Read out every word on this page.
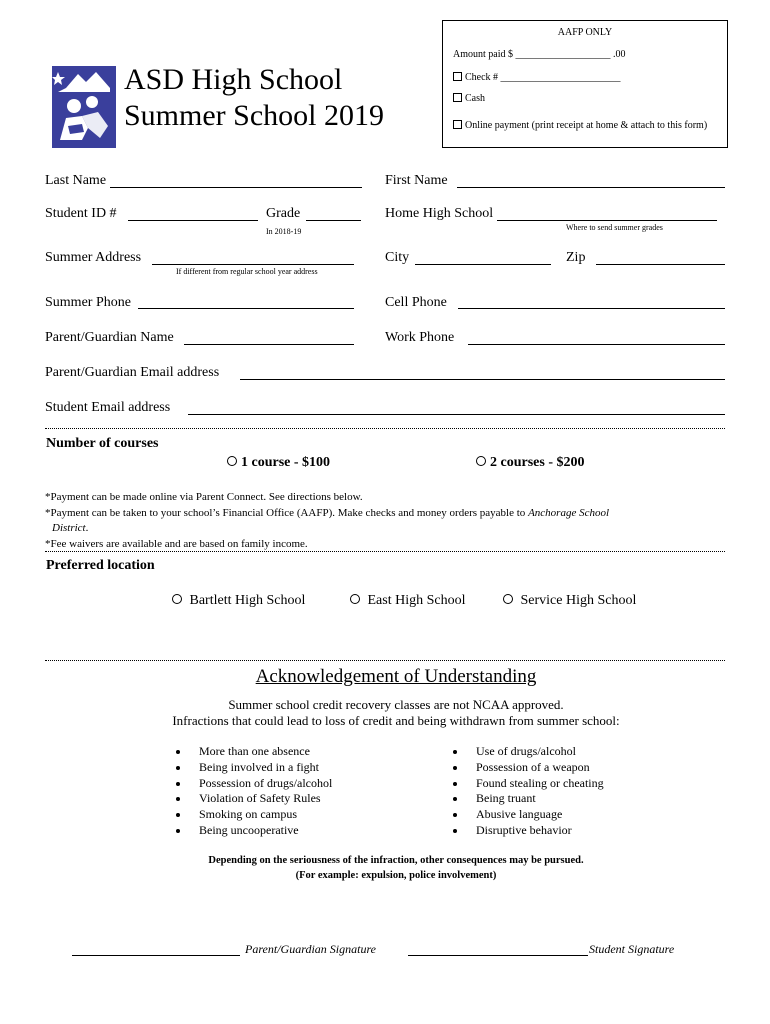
AAFP ONLY
Amount paid $ ___________________ .00
Check # ________________________
Cash
Online payment (print receipt at home & attach to this form)
ASD High School
Summer School 2019
Last Name	First Name
Student ID #	Grade
In 2018-19
Home High School
Where to send summer grades
Summer Address
If different from regular school year address
City	Zip
Summer Phone	Cell Phone
Parent/Guardian Name	Work Phone
Parent/Guardian Email address
Student Email address
Number of courses
1 course - $100	2 courses - $200
*Payment can be made online via Parent Connect. See directions below.
*Payment can be taken to your school’s Financial Office (AAFP). Make checks and money orders payable to Anchorage School
District.
*Fee waivers are available and are based on family income.
Preferred location
Bartlett High School	East High School	Service High School
Acknowledgement of Understanding
Summer school credit recovery classes are not NCAA approved.
Infractions that could lead to loss of credit and being withdrawn from summer school:
More than one absence
Being involved in a fight
Possession of drugs/alcohol
Violation of Safety Rules
Smoking on campus
Being uncooperative
Use of drugs/alcohol
Possession of a weapon
Found stealing or cheating
Being truant
Abusive language
Disruptive behavior
Depending on the seriousness of the infraction, other consequences may be pursued.
(For example: expulsion, police involvement)
Parent/Guardian Signature	Student Signature
